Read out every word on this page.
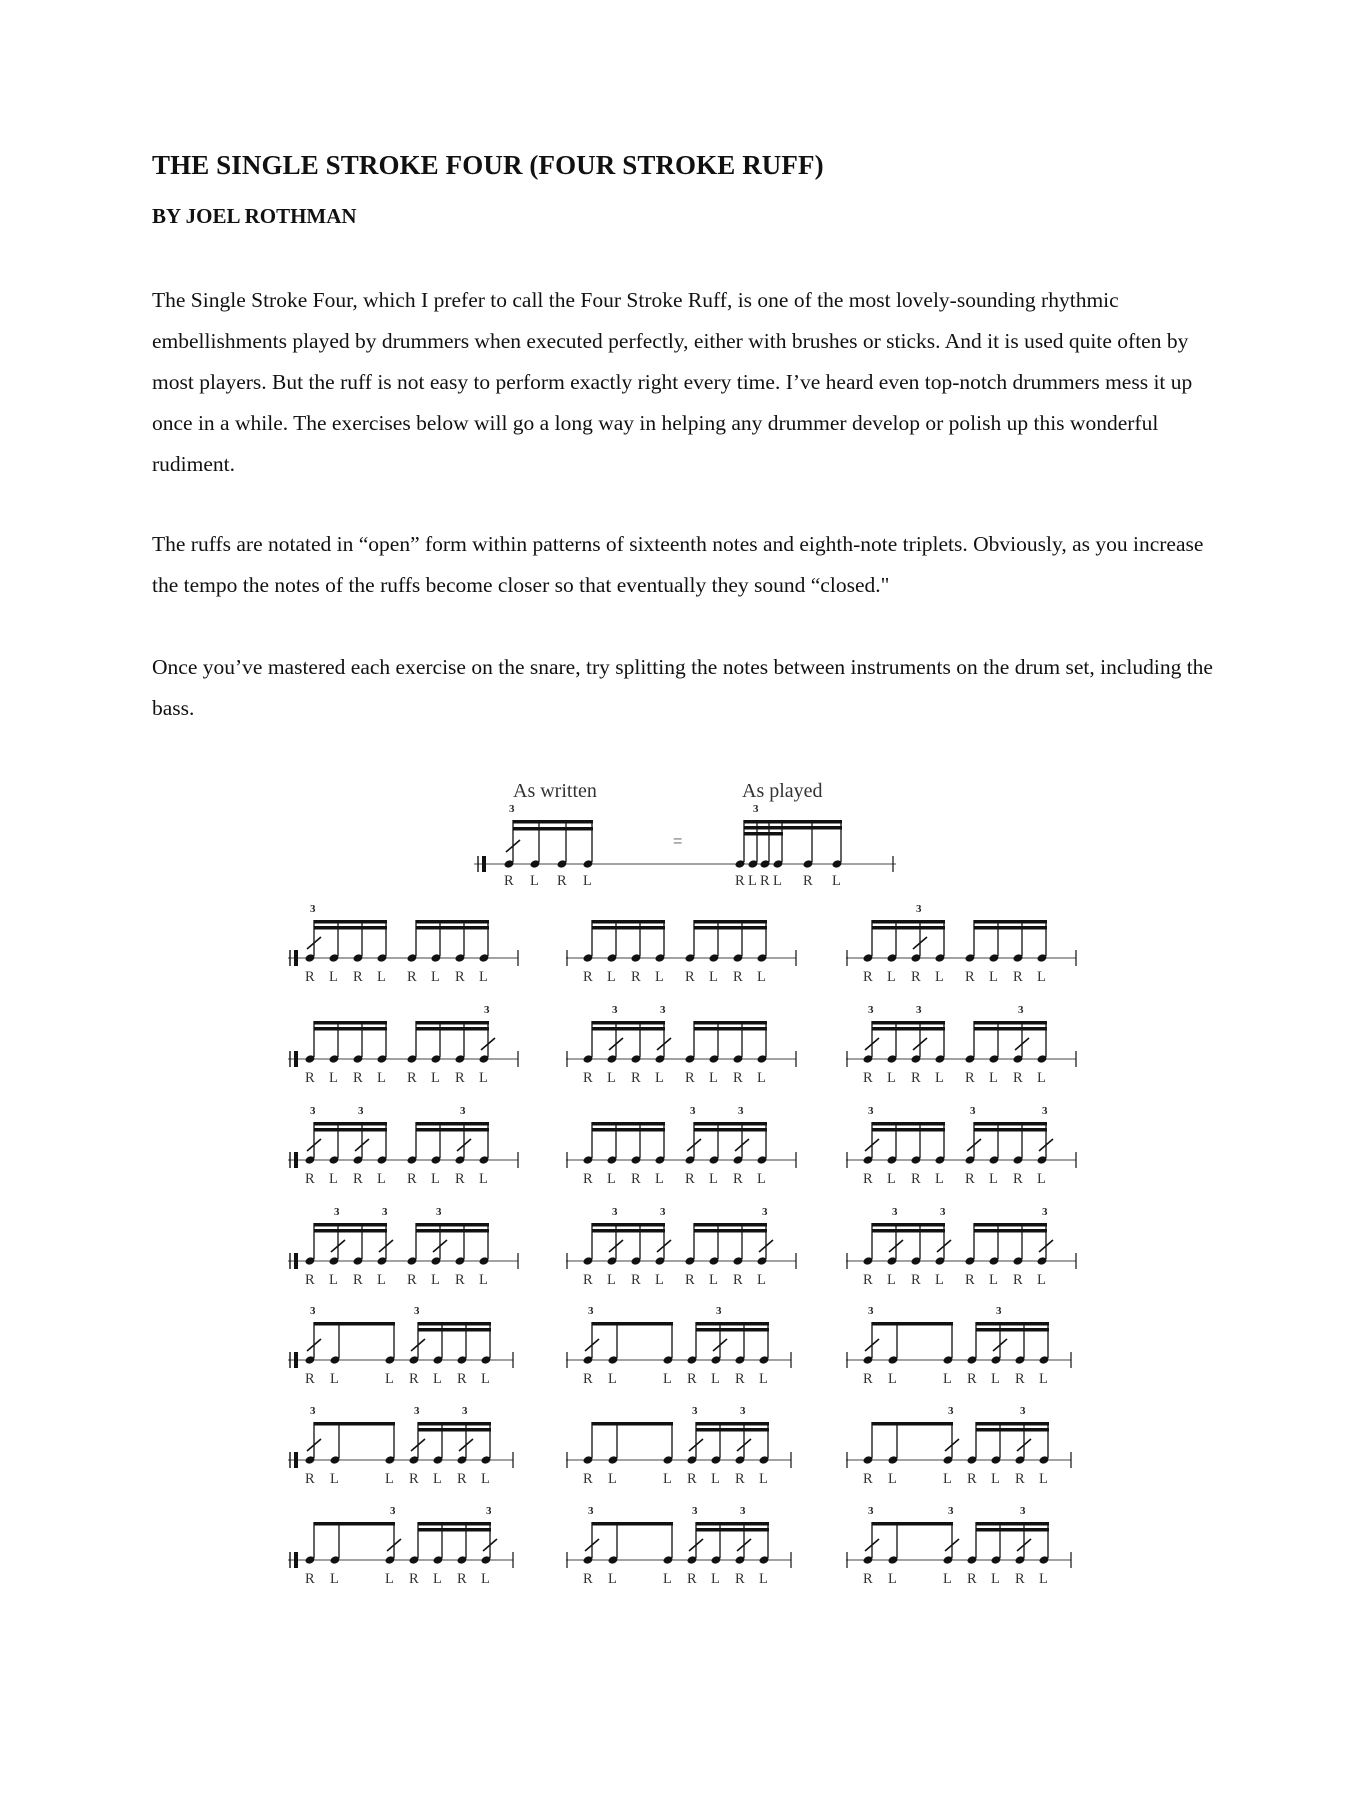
THE SINGLE STROKE FOUR (FOUR STROKE RUFF)
BY JOEL ROTHMAN

The Single Stroke Four, which I prefer to call the Four Stroke Ruff, is one of the most lovely-sounding rhythmic embellishments played by drummers when executed perfectly, either with brushes or sticks. And it is used quite often by most players. But the ruff is not easy to perform exactly right every time. I’ve heard even top-notch drummers mess it up once in a while. The exercises below will go a long way in helping any drummer develop or polish up this wonderful rudiment.

The ruffs are notated in “open” form within patterns of sixteenth notes and eighth-note triplets. Obviously, as you increase the tempo the notes of the ruffs become closer so that eventually they sound “closed."

Once you’ve mastered each exercise on the snare, try splitting the notes between instruments on the drum set, including the bass.

As written	As played
=
3
R L R L
3
R L R L R L
3
R L R L R L R L	R L R L R L R L
3
R L R L R L R L
3
R L R L R L R L
3	3
R L R L R L R L
3	3	3
R L R L R L R L
3	3	3
R L R L R L R L
3	3
R L R L R L R L
3	3	3
R L R L R L R L
3	3	3
R L R L R L R L
3	3	3
R L R L R L R L
3	3	3
R L R L R L R L
3	3
R L	L R L R L
3	3
R L	L R L R L
3	3
R L	L R L R L
3	3	3
R L	L R L R L
3	3
R L	L R L R L
3	3
R L	L R L R L
3	3
R L	L R L R L
3	3	3
R L	L R L R L
3	3	3
R L	L R L R L
